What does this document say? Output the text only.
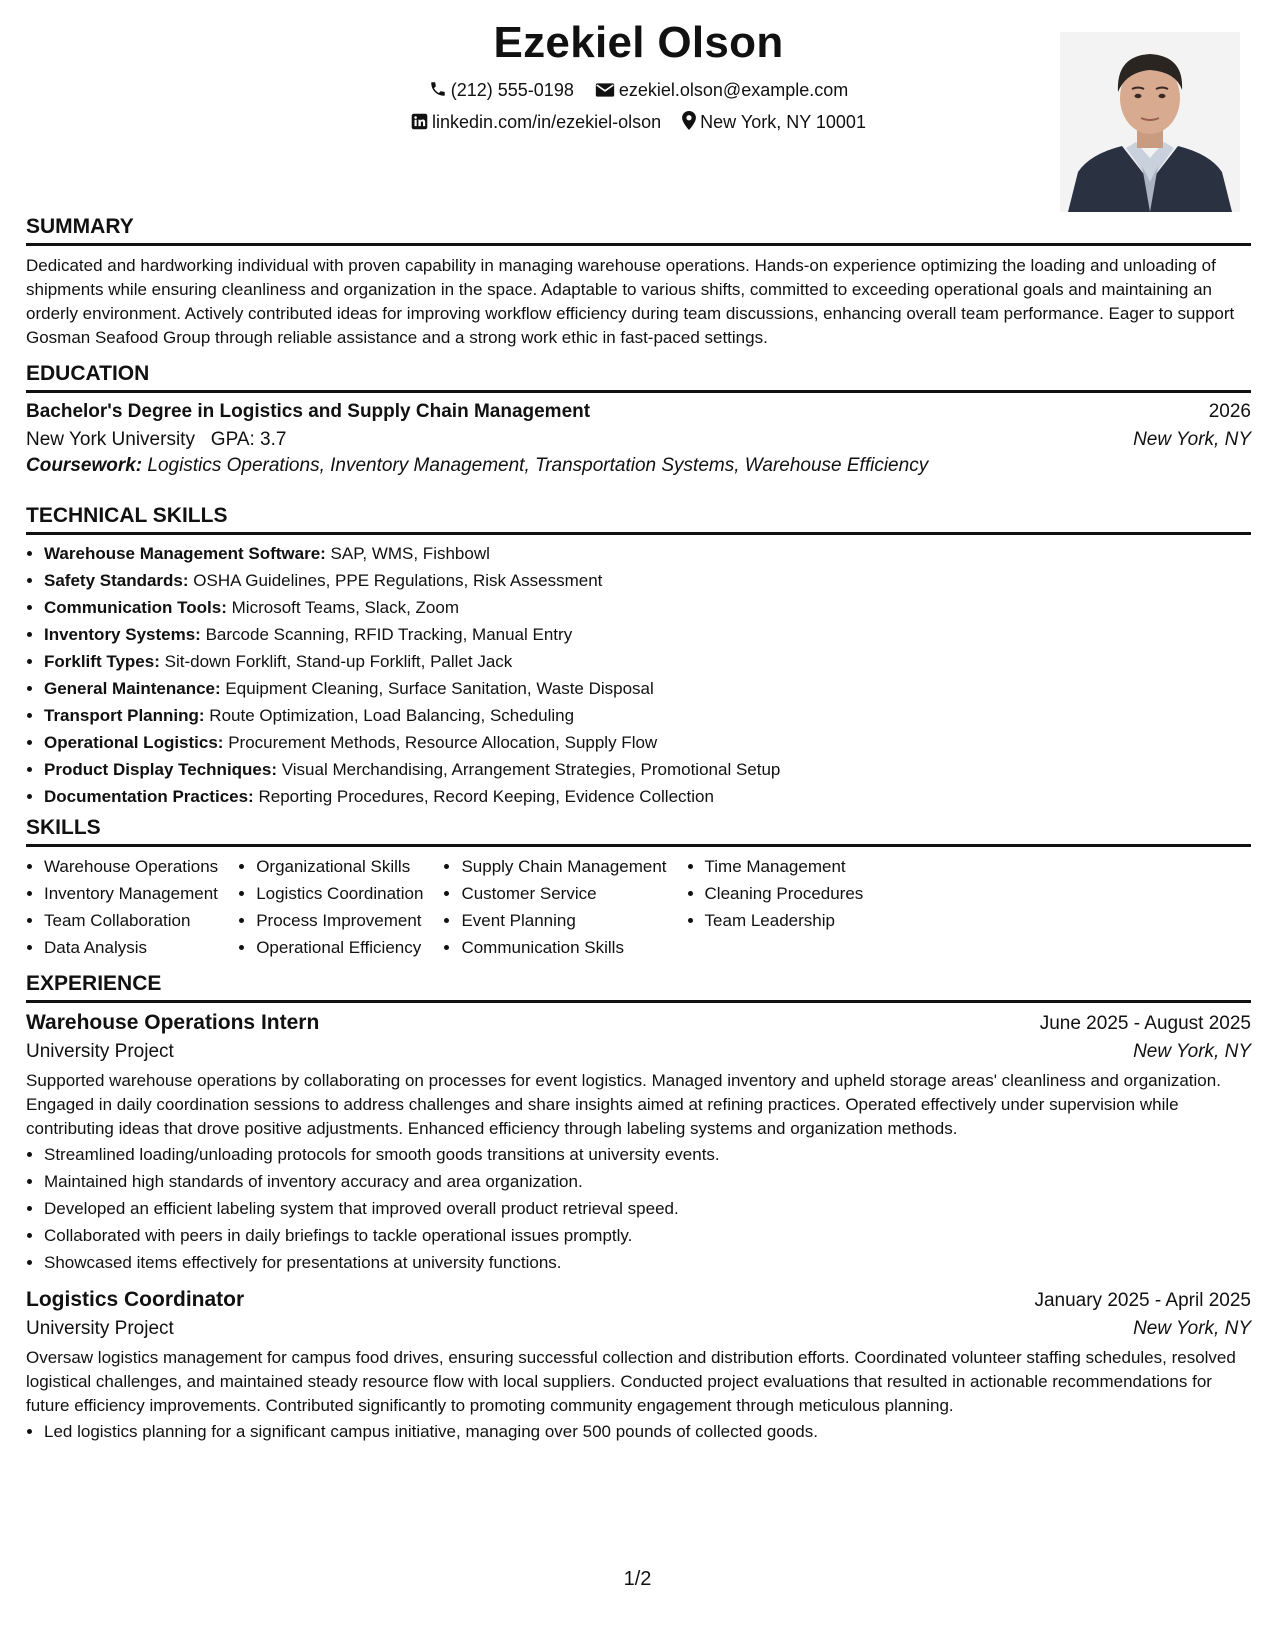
Ezekiel Olson
(212) 555-0198	ezekiel.olson@example.com
linkedin.com/in/ezekiel-olson New York, NY 10001
SUMMARY
Dedicated and hardworking individual with proven capability in managing warehouse operations. Hands-on experience optimizing the loading and unloading of shipments while ensuring cleanliness and organization in the space. Adaptable to various shifts, committed to exceeding operational goals and maintaining an orderly environment. Actively contributed ideas for improving workflow efficiency during team discussions, enhancing overall team performance. Eager to support Gosman Seafood Group through reliable assistance and a strong work ethic in fast-paced settings.
EDUCATION
Bachelor's Degree in Logistics and Supply Chain Management	2026
New York University   GPA: 3.7	New York, NY
Coursework: Logistics Operations, Inventory Management, Transportation Systems, Warehouse Efficiency
TECHNICAL SKILLS
• Warehouse Management Software: SAP, WMS, Fishbowl
• Safety Standards: OSHA Guidelines, PPE Regulations, Risk Assessment
• Communication Tools: Microsoft Teams, Slack, Zoom
• Inventory Systems: Barcode Scanning, RFID Tracking, Manual Entry
• Forklift Types: Sit-down Forklift, Stand-up Forklift, Pallet Jack
• General Maintenance: Equipment Cleaning, Surface Sanitation, Waste Disposal
• Transport Planning: Route Optimization, Load Balancing, Scheduling
• Operational Logistics: Procurement Methods, Resource Allocation, Supply Flow
• Product Display Techniques: Visual Merchandising, Arrangement Strategies, Promotional Setup
• Documentation Practices: Reporting Procedures, Record Keeping, Evidence Collection
SKILLS
• Warehouse Operations
• Inventory Management
• Team Collaboration
• Data Analysis
• Organizational Skills
• Logistics Coordination
• Process Improvement
• Operational Efficiency
• Supply Chain Management
• Customer Service
• Event Planning
• Communication Skills
• Time Management
• Cleaning Procedures
• Team Leadership
EXPERIENCE
Warehouse Operations Intern	June 2025 - August 2025
University Project	New York, NY
Supported warehouse operations by collaborating on processes for event logistics. Managed inventory and upheld storage areas' cleanliness and organization. Engaged in daily coordination sessions to address challenges and share insights aimed at refining practices. Operated effectively under supervision while contributing ideas that drove positive adjustments. Enhanced efficiency through labeling systems and organization methods.
• Streamlined loading/unloading protocols for smooth goods transitions at university events.
• Maintained high standards of inventory accuracy and area organization.
• Developed an efficient labeling system that improved overall product retrieval speed.
• Collaborated with peers in daily briefings to tackle operational issues promptly.
• Showcased items effectively for presentations at university functions.
Logistics Coordinator	January 2025 - April 2025
University Project	New York, NY
Oversaw logistics management for campus food drives, ensuring successful collection and distribution efforts. Coordinated volunteer staffing schedules, resolved logistical challenges, and maintained steady resource flow with local suppliers. Conducted project evaluations that resulted in actionable recommendations for future efficiency improvements. Contributed significantly to promoting community engagement through meticulous planning.
• Led logistics planning for a significant campus initiative, managing over 500 pounds of collected goods.
1/2
